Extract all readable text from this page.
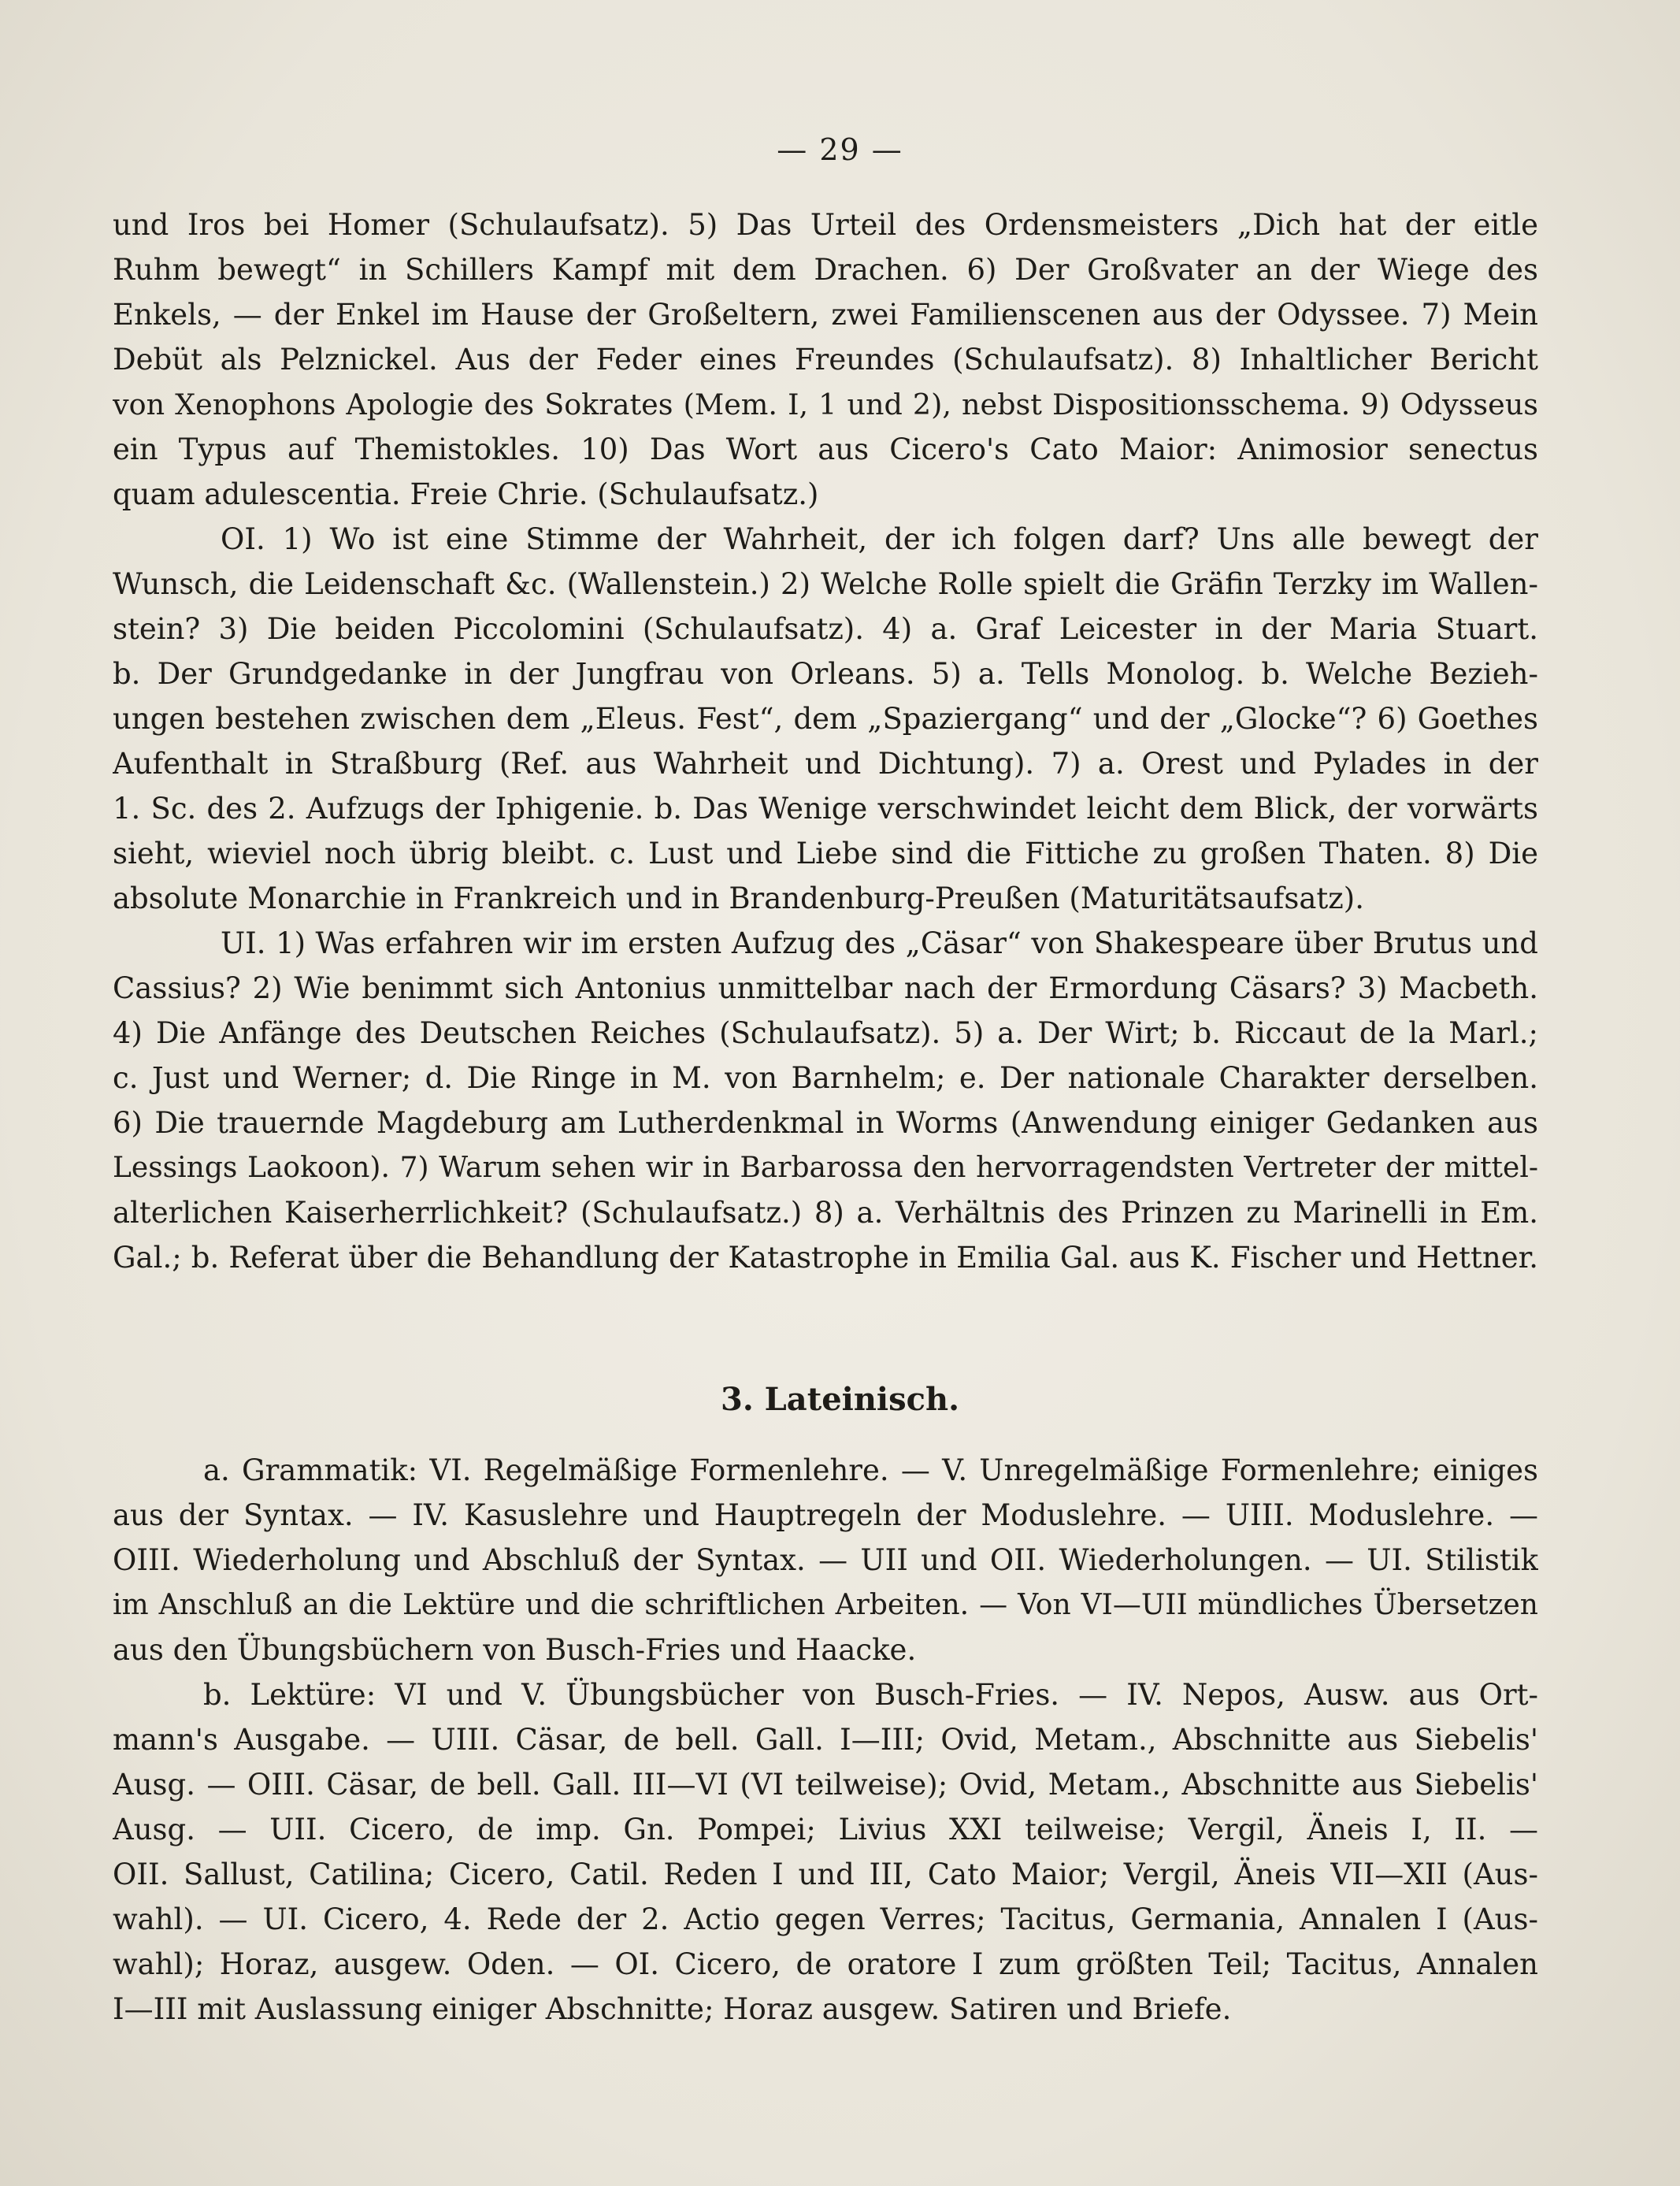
— 29 —
und Iros bei Homer (Schulaufsatz). 5) Das Urteil des Ordensmeisters „Dich hat der eitle
Ruhm bewegt“ in Schillers Kampf mit dem Drachen. 6) Der Großvater an der Wiege des
Enkels, — der Enkel im Hause der Großeltern, zwei Familienscenen aus der Odyssee. 7) Mein
Debüt als Pelznickel. Aus der Feder eines Freundes (Schulaufsatz). 8) Inhaltlicher Bericht
von Xenophons Apologie des Sokrates (Mem. I, 1 und 2), nebst Dispositionsschema. 9) Odysseus
ein Typus auf Themistokles. 10) Das Wort aus Cicero's Cato Maior: Animosior senectus
quam adulescentia. Freie Chrie. (Schulaufsatz.)
OI. 1) Wo ist eine Stimme der Wahrheit, der ich folgen darf? Uns alle bewegt der
Wunsch, die Leidenschaft &c. (Wallenstein.) 2) Welche Rolle spielt die Gräfin Terzky im Wallen-
stein? 3) Die beiden Piccolomini (Schulaufsatz). 4) a. Graf Leicester in der Maria Stuart.
b. Der Grundgedanke in der Jungfrau von Orleans. 5) a. Tells Monolog. b. Welche Bezieh-
ungen bestehen zwischen dem „Eleus. Fest“, dem „Spaziergang“ und der „Glocke“? 6) Goethes
Aufenthalt in Straßburg (Ref. aus Wahrheit und Dichtung). 7) a. Orest und Pylades in der
1. Sc. des 2. Aufzugs der Iphigenie. b. Das Wenige verschwindet leicht dem Blick, der vorwärts
sieht, wieviel noch übrig bleibt. c. Lust und Liebe sind die Fittiche zu großen Thaten. 8) Die
absolute Monarchie in Frankreich und in Brandenburg-Preußen (Maturitätsaufsatz).
UI. 1) Was erfahren wir im ersten Aufzug des „Cäsar“ von Shakespeare über Brutus und
Cassius? 2) Wie benimmt sich Antonius unmittelbar nach der Ermordung Cäsars? 3) Macbeth.
4) Die Anfänge des Deutschen Reiches (Schulaufsatz). 5) a. Der Wirt; b. Riccaut de la Marl.;
c. Just und Werner; d. Die Ringe in M. von Barnhelm; e. Der nationale Charakter derselben.
6) Die trauernde Magdeburg am Lutherdenkmal in Worms (Anwendung einiger Gedanken aus
Lessings Laokoon). 7) Warum sehen wir in Barbarossa den hervorragendsten Vertreter der mittel-
alterlichen Kaiserherrlichkeit? (Schulaufsatz.) 8) a. Verhältnis des Prinzen zu Marinelli in Em.
Gal.; b. Referat über die Behandlung der Katastrophe in Emilia Gal. aus K. Fischer und Hettner.
3. Lateinisch.
a. Grammatik: VI. Regelmäßige Formenlehre. — V. Unregelmäßige Formenlehre; einiges
aus der Syntax. — IV. Kasuslehre und Hauptregeln der Moduslehre. — UIII. Moduslehre. —
OIII. Wiederholung und Abschluß der Syntax. — UII und OII. Wiederholungen. — UI. Stilistik
im Anschluß an die Lektüre und die schriftlichen Arbeiten. — Von VI—UII mündliches Übersetzen
aus den Übungsbüchern von Busch-Fries und Haacke.
b. Lektüre: VI und V. Übungsbücher von Busch-Fries. — IV. Nepos, Ausw. aus Ort-
mann's Ausgabe. — UIII. Cäsar, de bell. Gall. I—III; Ovid, Metam., Abschnitte aus Siebelis'
Ausg. — OIII. Cäsar, de bell. Gall. III—VI (VI teilweise); Ovid, Metam., Abschnitte aus Siebelis'
Ausg. — UII. Cicero, de imp. Gn. Pompei; Livius XXI teilweise; Vergil, Äneis I, II. —
OII. Sallust, Catilina; Cicero, Catil. Reden I und III, Cato Maior; Vergil, Äneis VII—XII (Aus-
wahl). — UI. Cicero, 4. Rede der 2. Actio gegen Verres; Tacitus, Germania, Annalen I (Aus-
wahl); Horaz, ausgew. Oden. — OI. Cicero, de oratore I zum größten Teil; Tacitus, Annalen
I—III mit Auslassung einiger Abschnitte; Horaz ausgew. Satiren und Briefe.
